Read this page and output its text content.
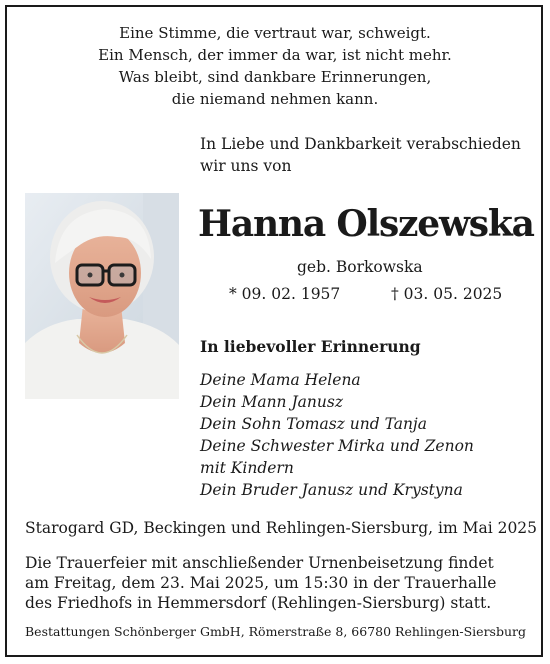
Eine Stimme, die vertraut war, schweigt.
Ein Mensch, der immer da war, ist nicht mehr.
Was bleibt, sind dankbare Erinnerungen,
die niemand nehmen kann.
In Liebe und Dankbarkeit verabschieden
wir uns von
Hanna Olszewska
geb. Borkowska
* 09. 02. 1957	† 03. 05. 2025
In liebevoller Erinnerung
Deine Mama Helena
Dein Mann Janusz
Dein Sohn Tomasz und Tanja
Deine Schwester Mirka und Zenon
mit Kindern
Dein Bruder Janusz und Krystyna
Starogard GD, Beckingen und Rehlingen-Siersburg, im Mai 2025
Die Trauerfeier mit anschließender Urnenbeisetzung findet
am Freitag, dem 23. Mai 2025, um 15:30 in der Trauerhalle
des Friedhofs in Hemmersdorf (Rehlingen-Siersburg) statt.
Bestattungen Schönberger GmbH, Römerstraße 8, 66780 Rehlingen-Siersburg
